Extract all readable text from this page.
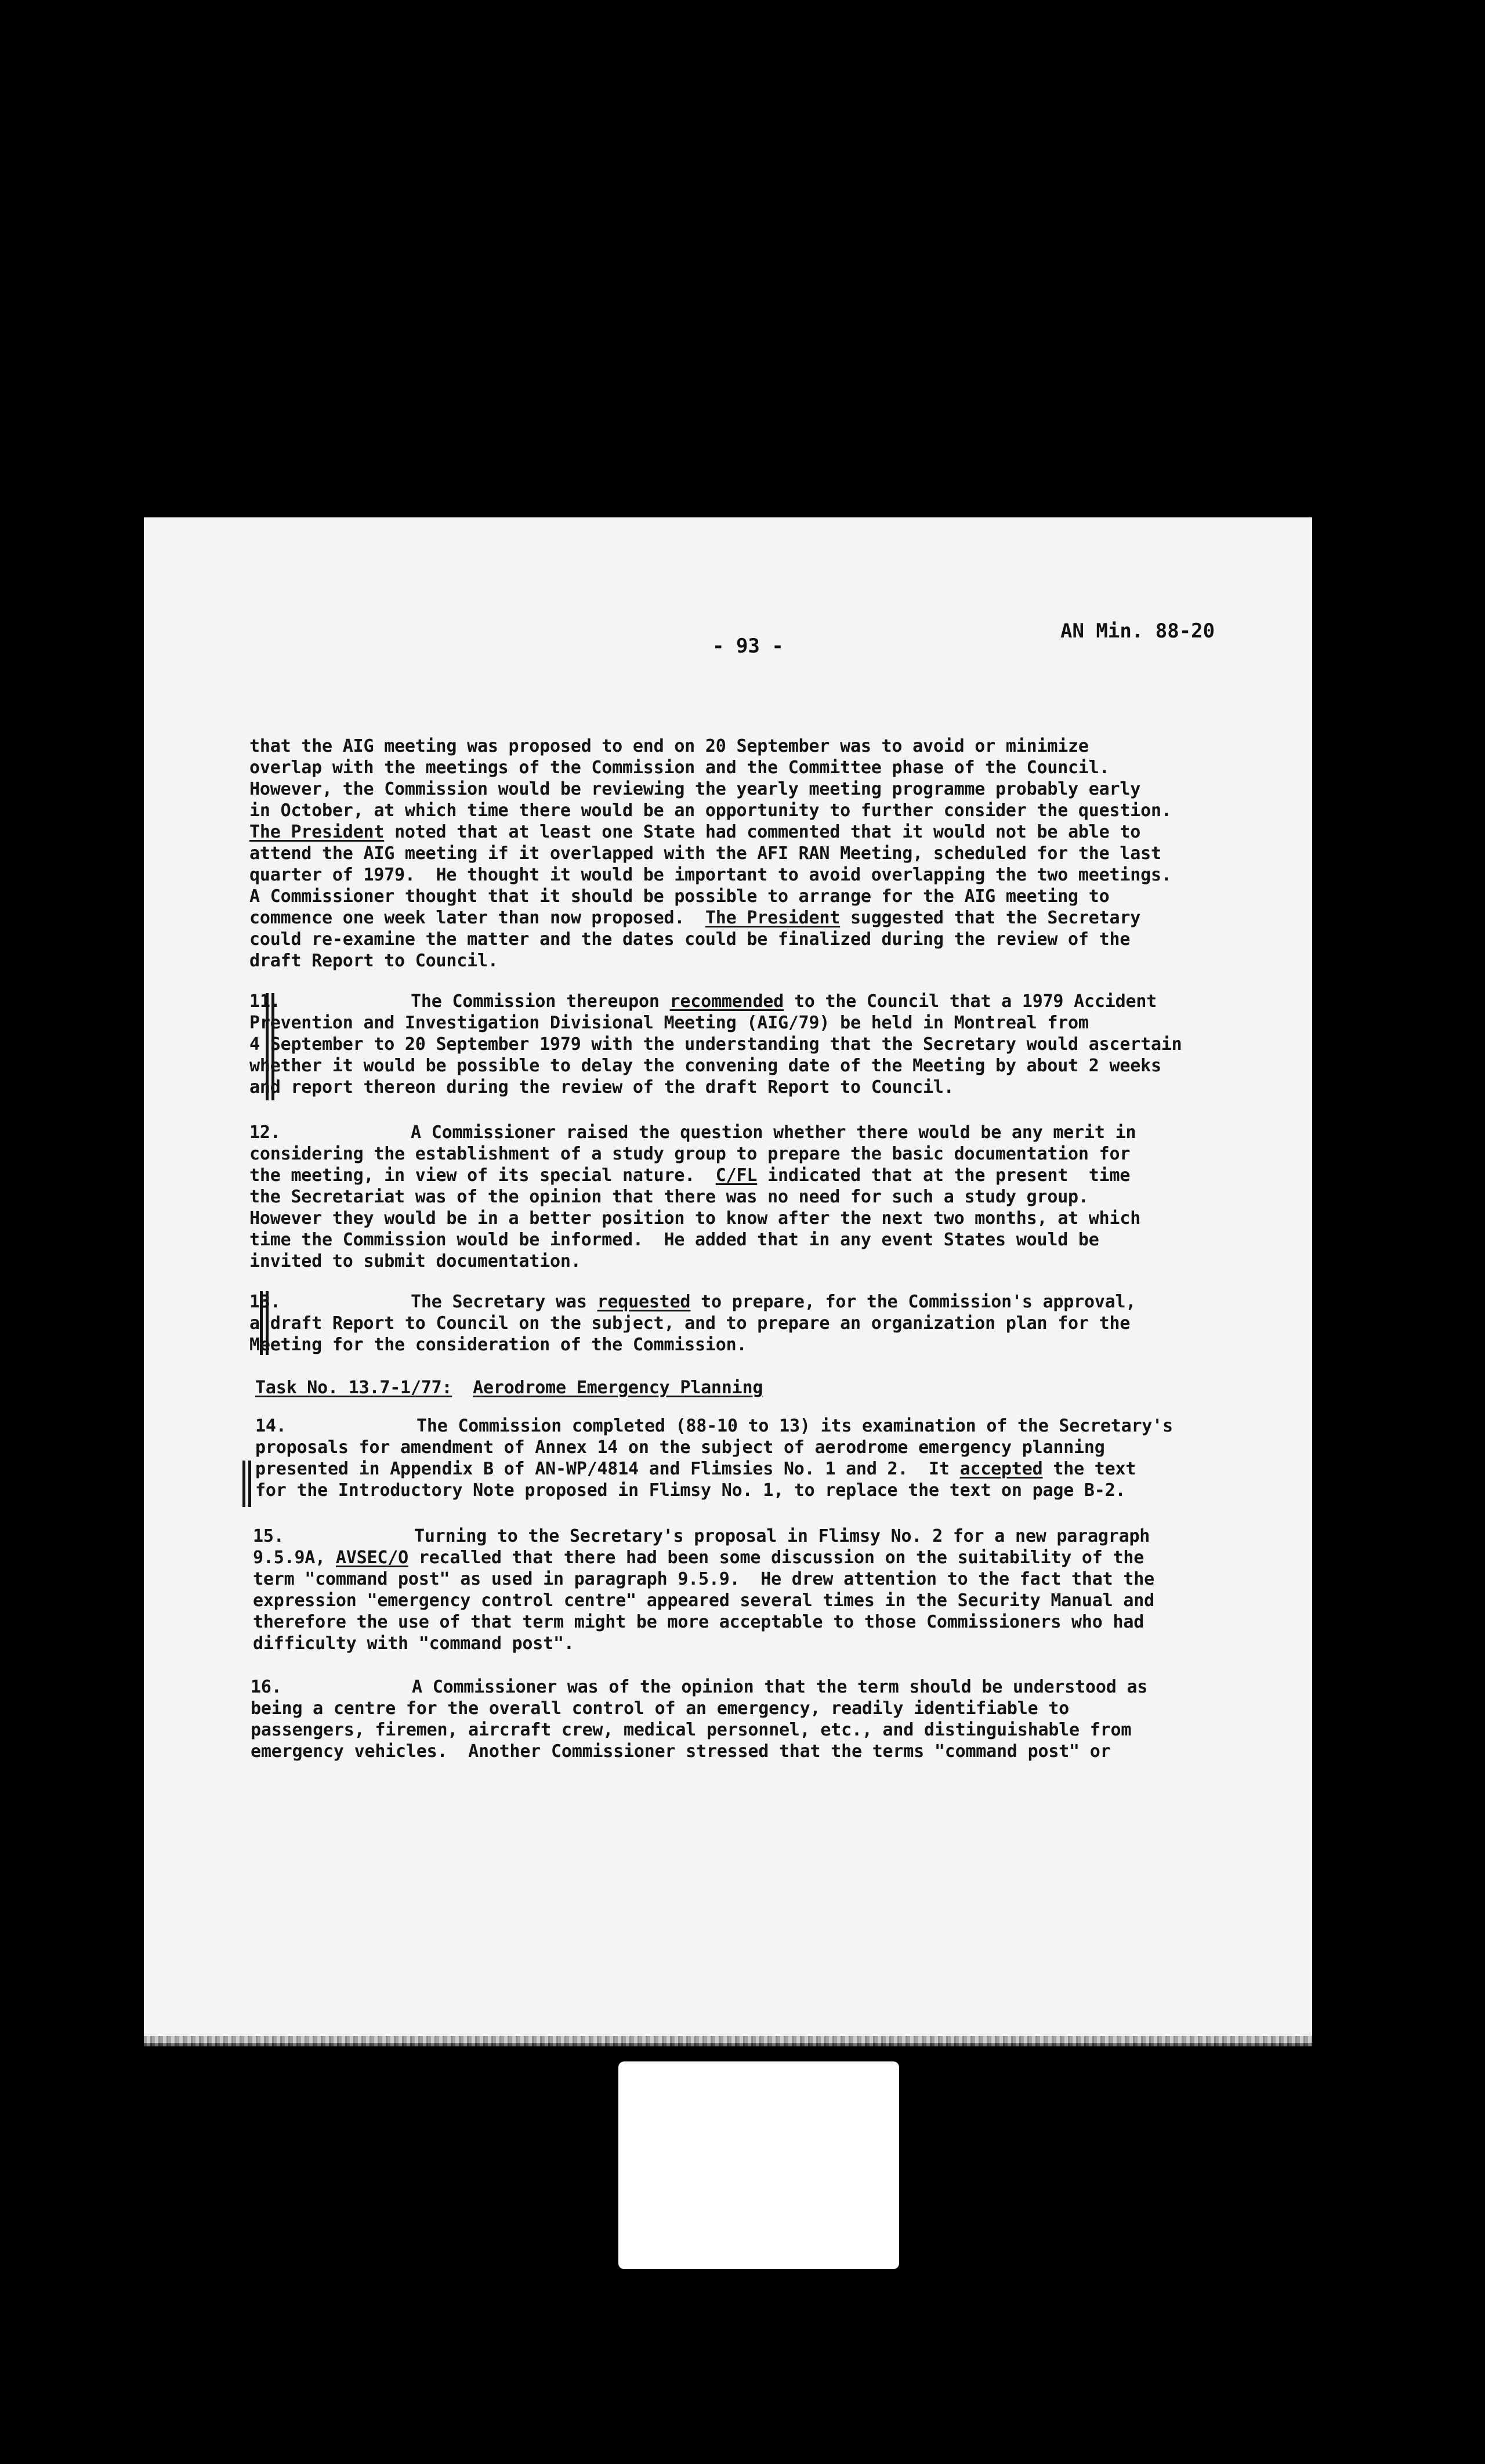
AN Min. 88-20
- 93 -
that the AIG meeting was proposed to end on 20 September was to avoid or minimize
overlap with the meetings of the Commission and the Committee phase of the Council.
However, the Commission would be reviewing the yearly meeting programme probably early
in October, at which time there would be an opportunity to further consider the question.
The President noted that at least one State had commented that it would not be able to
attend the AIG meeting if it overlapped with the AFI RAN Meeting, scheduled for the last
quarter of 1979.  He thought it would be important to avoid overlapping the two meetings.
A Commissioner thought that it should be possible to arrange for the AIG meeting to
commence one week later than now proposed.  The President suggested that the Secretary
could re-examine the matter and the dates could be finalized during the review of the
draft Report to Council.
11.	The Commission thereupon recommended to the Council that a 1979 Accident
Prevention and Investigation Divisional Meeting (AIG/79) be held in Montreal from
4 September to 20 September 1979 with the understanding that the Secretary would ascertain
whether it would be possible to delay the convening date of the Meeting by about 2 weeks
and report thereon during the review of the draft Report to Council.
12.	A Commissioner raised the question whether there would be any merit in
considering the establishment of a study group to prepare the basic documentation for
the meeting, in view of its special nature.  C/FL indicated that at the present  time
the Secretariat was of the opinion that there was no need for such a study group.
However they would be in a better position to know after the next two months, at which
time the Commission would be informed.  He added that in any event States would be
invited to submit documentation.
13.	The Secretary was requested to prepare, for the Commission's approval,
a draft Report to Council on the subject, and to prepare an organization plan for the
Meeting for the consideration of the Commission.
Task No. 13.7-1/77: Aerodrome Emergency Planning
14.	The Commission completed (88-10 to 13) its examination of the Secretary's
proposals for amendment of Annex 14 on the subject of aerodrome emergency planning
presented in Appendix B of AN-WP/4814 and Flimsies No. 1 and 2.  It accepted the text
for the Introductory Note proposed in Flimsy No. 1, to replace the text on page B-2.
15.	Turning to the Secretary's proposal in Flimsy No. 2 for a new paragraph
9.5.9A, AVSEC/O recalled that there had been some discussion on the suitability of the
term "command post" as used in paragraph 9.5.9.  He drew attention to the fact that the
expression "emergency control centre" appeared several times in the Security Manual and
therefore the use of that term might be more acceptable to those Commissioners who had
difficulty with "command post".
16.	A Commissioner was of the opinion that the term should be understood as
being a centre for the overall control of an emergency, readily identifiable to
passengers, firemen, aircraft crew, medical personnel, etc., and distinguishable from
emergency vehicles.  Another Commissioner stressed that the terms "command post" or
